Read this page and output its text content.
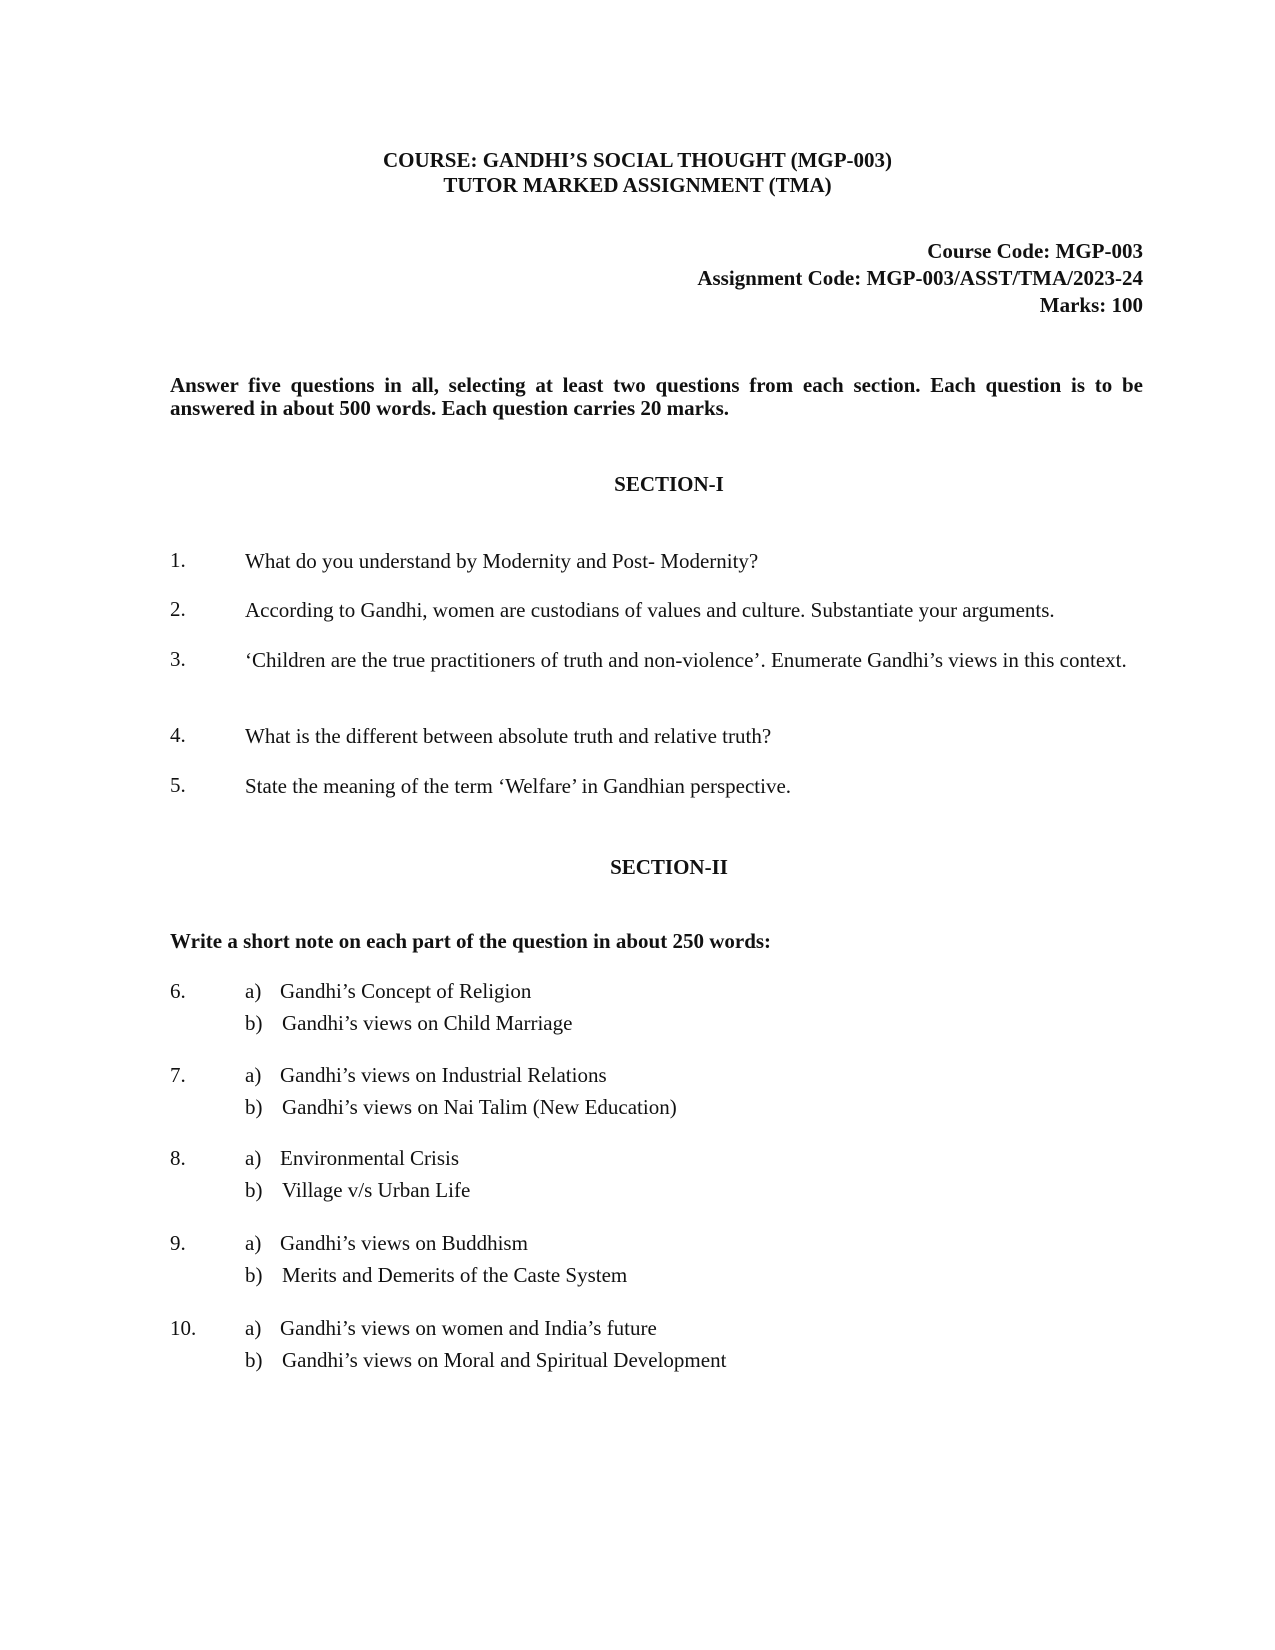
COURSE: GANDHI’S SOCIAL THOUGHT (MGP-003)
TUTOR MARKED ASSIGNMENT (TMA)
Course Code: MGP-003
Assignment Code: MGP-003/ASST/TMA/2023-24
Marks: 100
Answer five questions in all, selecting at least two questions from each section. Each question is to be answered in about 500 words. Each question carries 20 marks.
SECTION-I
1.	What do you understand by Modernity and Post- Modernity?
2.	According to Gandhi, women are custodians of values and culture. Substantiate your arguments.
3.	‘Children are the true practitioners of truth and non-violence’. Enumerate Gandhi’s views in this context.
4.	What is the different between absolute truth and relative truth?
5.	State the meaning of the term ‘Welfare’ in Gandhian perspective.
SECTION-II
Write a short note on each part of the question in about 250 words:
6.	a) Gandhi’s Concept of Religion
b) Gandhi’s views on Child Marriage
7.	a) Gandhi’s views on Industrial Relations
b) Gandhi’s views on Nai Talim (New Education)
8.	a) Environmental Crisis
b) Village v/s Urban Life
9.	a) Gandhi’s views on Buddhism
b) Merits and Demerits of the Caste System
10. a) Gandhi’s views on women and India’s future
b) Gandhi’s views on Moral and Spiritual Development
